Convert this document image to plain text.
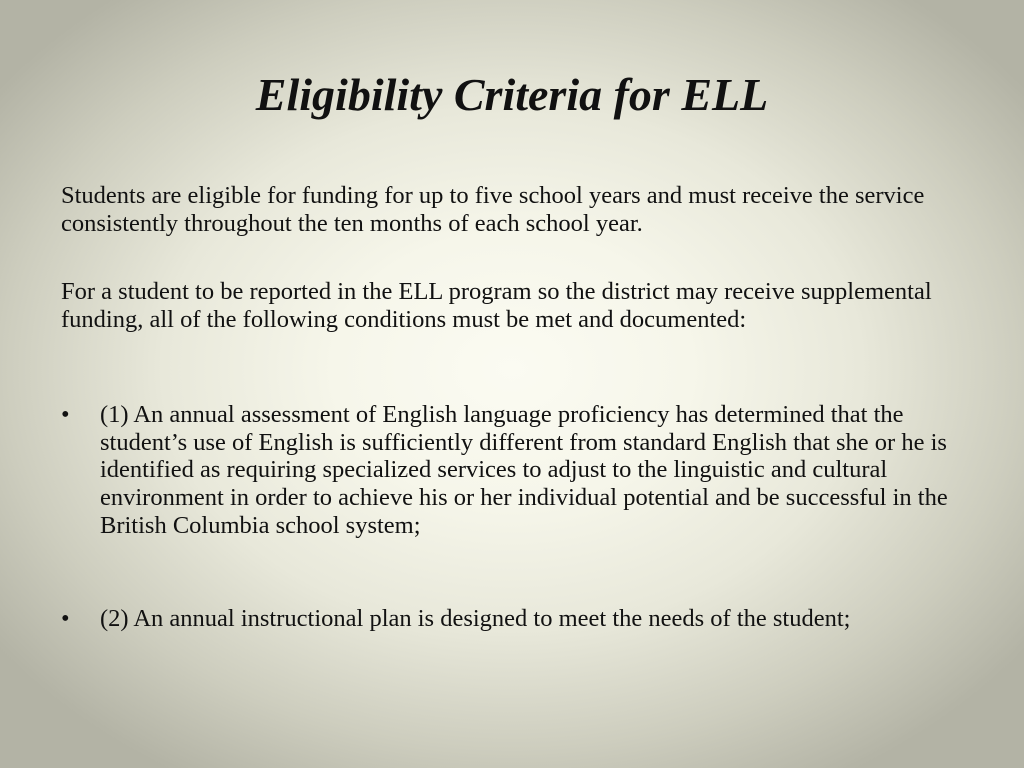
Eligibility Criteria for ELL

Students are eligible for funding for up to five school years and must receive the service consistently throughout the ten months of each school year.

For a student to be reported in the ELL program so the district may receive supplemental funding, all of the following conditions must be met and documented:

•	(1) An annual assessment of English language proficiency has determined that the student’s use of English is sufficiently different from standard English that she or he is identified as requiring specialized services to adjust to the linguistic and cultural environment in order to achieve his or her individual potential and be successful in the British Columbia school system;
•	(2) An annual instructional plan is designed to meet the needs of the student;
